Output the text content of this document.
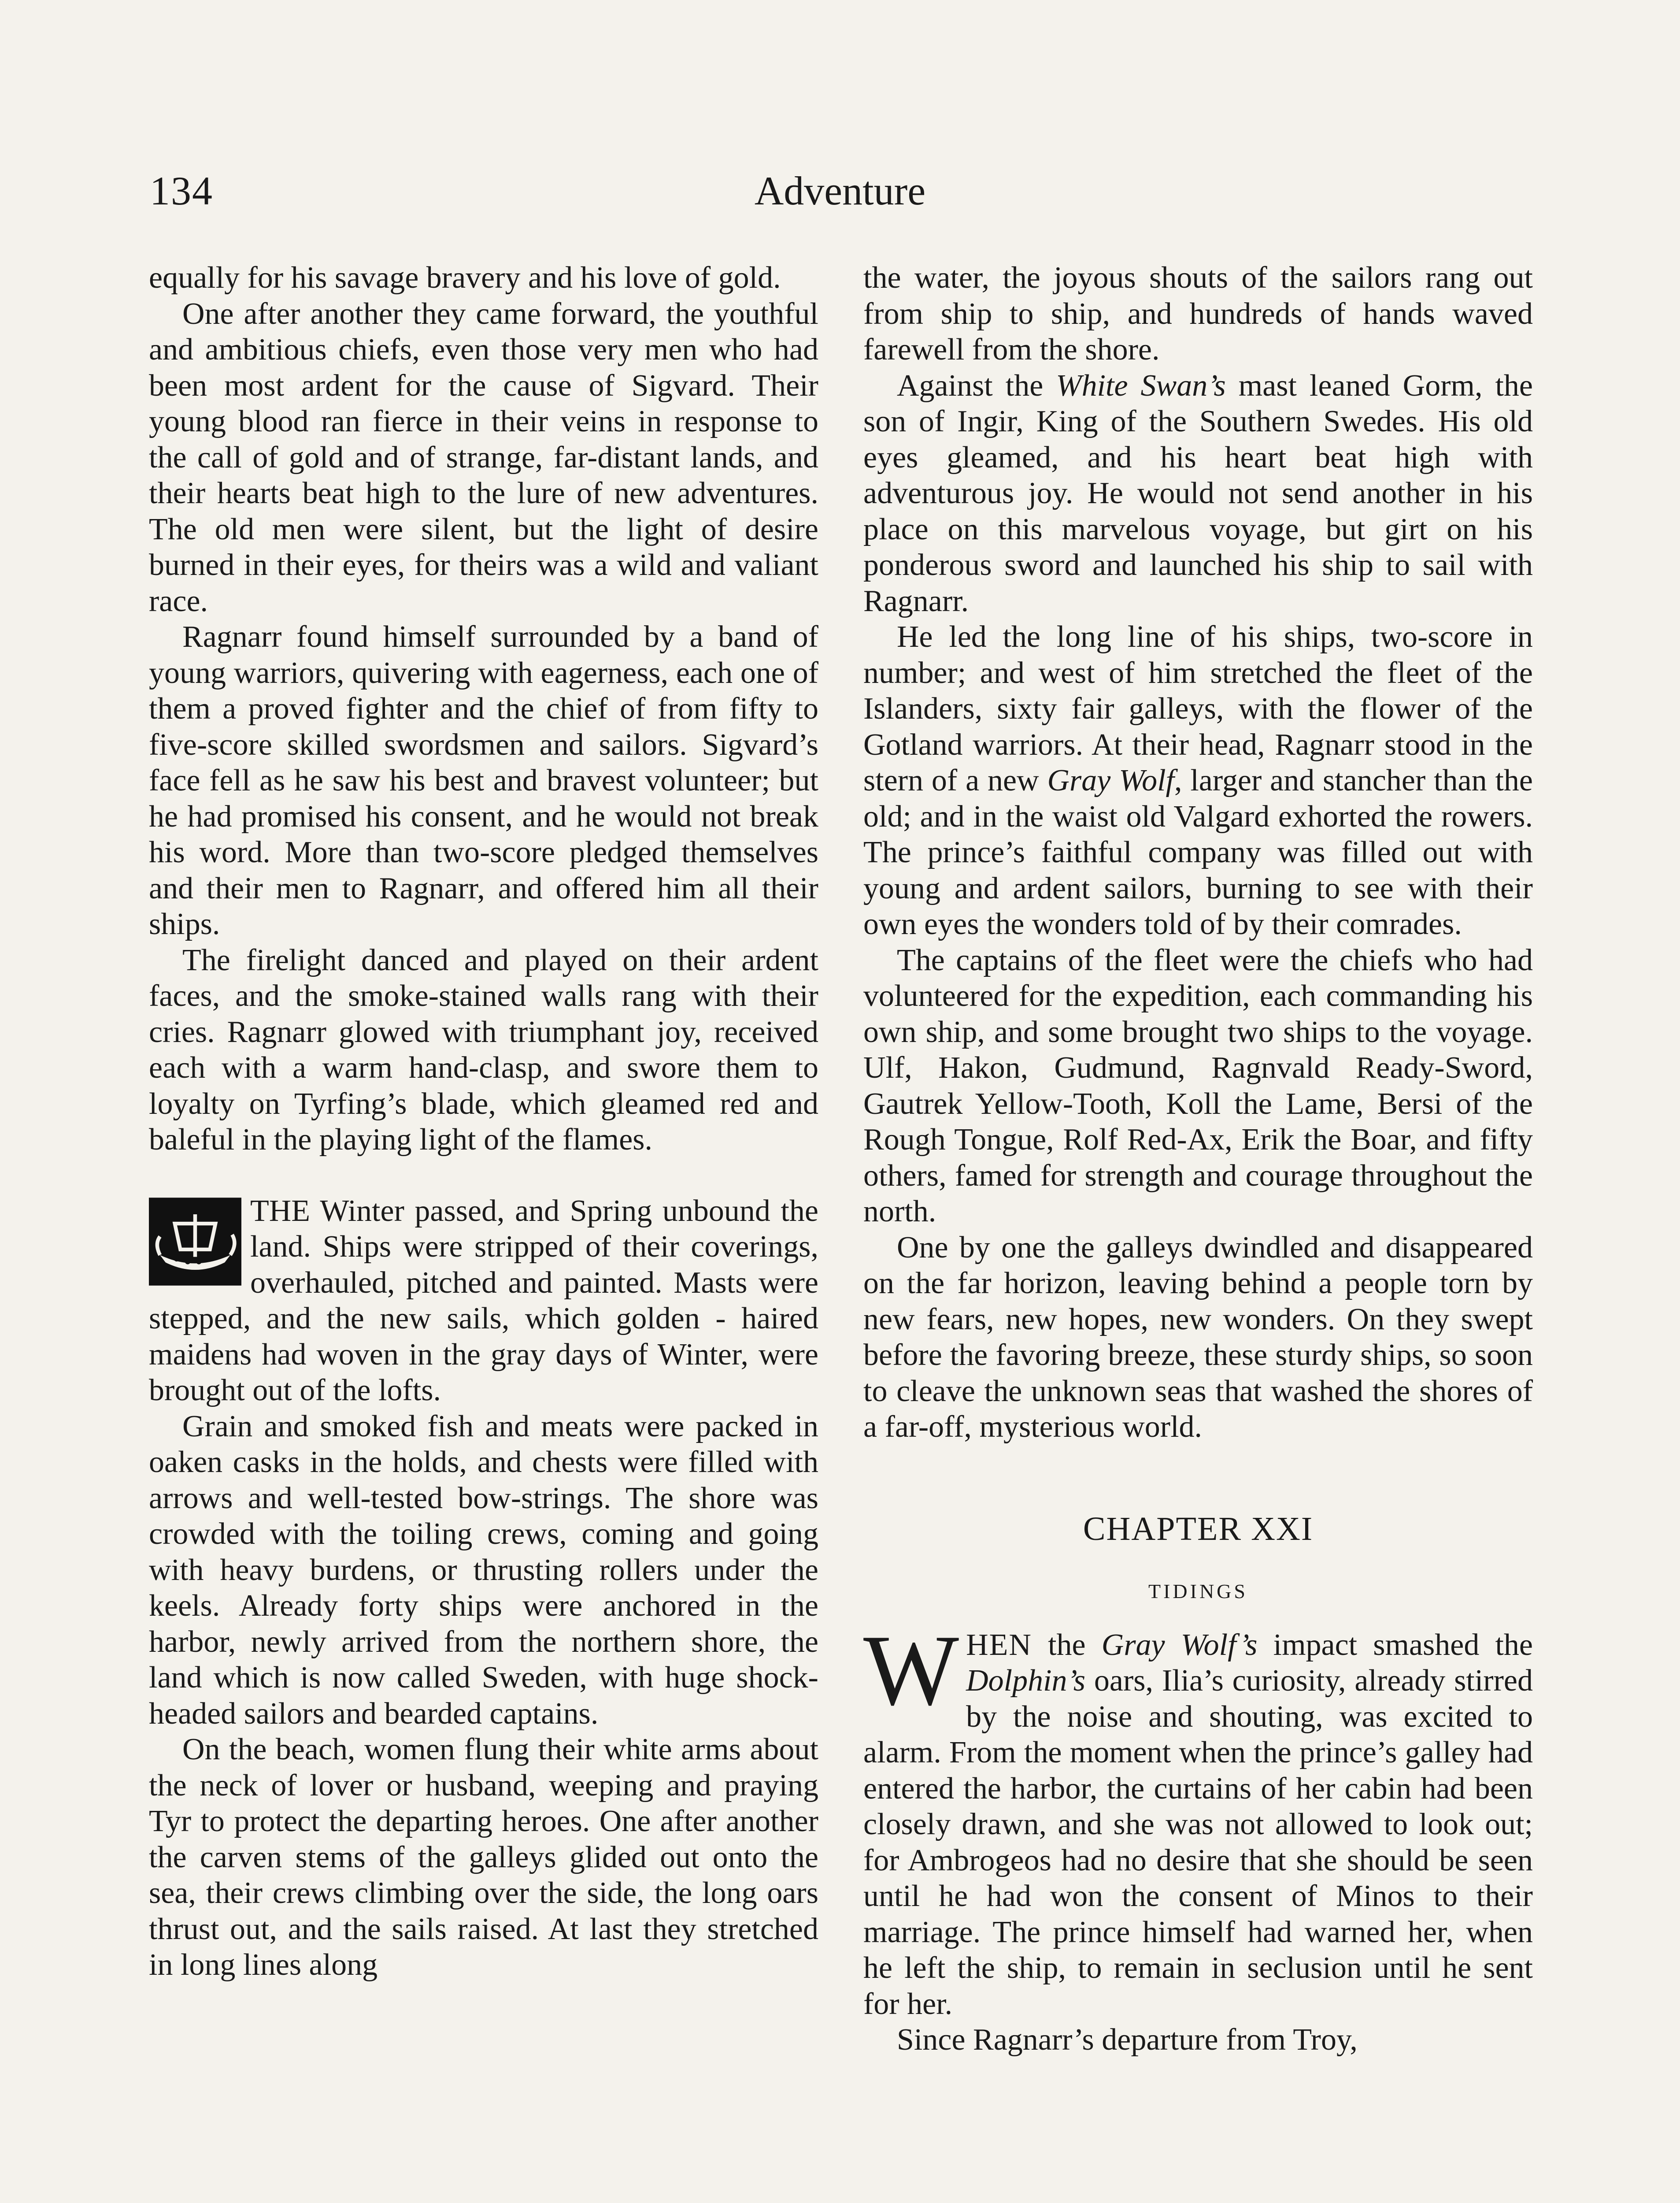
134	Adventure

equally for his savage bravery and his love of gold.

One after another they came forward, the youthful and ambitious chiefs, even those very men who had been most ardent for the cause of Sigvard. Their young blood ran fierce in their veins in response to the call of gold and of strange, far-distant lands, and their hearts beat high to the lure of new adventures. The old men were silent, but the light of desire burned in their eyes, for theirs was a wild and valiant race.

Ragnarr found himself surrounded by a band of young warriors, quivering with eagerness, each one of them a proved fighter and the chief of from fifty to five-score skilled swordsmen and sailors. Sigvard’s face fell as he saw his best and bravest volunteer; but he had promised his consent, and he would not break his word. More than two-score pledged themselves and their men to Ragnarr, and offered him all their ships.

The firelight danced and played on their ardent faces, and the smoke-stained walls rang with their cries. Ragnarr glowed with triumphant joy, received each with a warm hand-clasp, and swore them to loyalty on Tyrfing’s blade, which gleamed red and baleful in the playing light of the flames.

THE Winter passed, and Spring unbound the land. Ships were stripped of their coverings, overhauled, pitched and painted. Masts were stepped, and the new sails, which golden - haired maidens had woven in the gray days of Winter, were brought out of the lofts.

Grain and smoked fish and meats were packed in oaken casks in the holds, and chests were filled with arrows and well-tested bow-strings. The shore was crowded with the toiling crews, coming and going with heavy burdens, or thrusting rollers under the keels. Already forty ships were anchored in the harbor, newly arrived from the northern shore, the land which is now called Sweden, with huge shock-headed sailors and bearded captains.

On the beach, women flung their white arms about the neck of lover or husband, weeping and praying Tyr to protect the departing heroes. One after another the carven stems of the galleys glided out onto the sea, their crews climbing over the side, the long oars thrust out, and the sails raised. At last they stretched in long lines along

the water, the joyous shouts of the sailors rang out from ship to ship, and hundreds of hands waved farewell from the shore.

Against the White Swan’s mast leaned Gorm, the son of Ingir, King of the Southern Swedes. His old eyes gleamed, and his heart beat high with adventurous joy. He would not send another in his place on this marvelous voyage, but girt on his ponderous sword and launched his ship to sail with Ragnarr.

He led the long line of his ships, two-score in number; and west of him stretched the fleet of the Islanders, sixty fair galleys, with the flower of the Gotland warriors. At their head, Ragnarr stood in the stern of a new Gray Wolf, larger and stancher than the old; and in the waist old Valgard exhorted the rowers. The prince’s faithful company was filled out with young and ardent sailors, burning to see with their own eyes the wonders told of by their comrades.

The captains of the fleet were the chiefs who had volunteered for the expedition, each commanding his own ship, and some brought two ships to the voyage. Ulf, Hakon, Gudmund, Ragnvald Ready-Sword, Gautrek Yellow-Tooth, Koll the Lame, Bersi of the Rough Tongue, Rolf Red-Ax, Erik the Boar, and fifty others, famed for strength and courage throughout the north.

One by one the galleys dwindled and disappeared on the far horizon, leaving behind a people torn by new fears, new hopes, new wonders. On they swept before the favoring breeze, these sturdy ships, so soon to cleave the unknown seas that washed the shores of a far-off, mysterious world.

CHAPTER XXI
TIDINGS

WHEN the Gray Wolf’s impact smashed the Dolphin’s oars, Ilia’s curiosity, already stirred by the noise and shouting, was excited to alarm. From the moment when the prince’s galley had entered the harbor, the curtains of her cabin had been closely drawn, and she was not allowed to look out; for Ambrogeos had no desire that she should be seen until he had won the consent of Minos to their marriage. The prince himself had warned her, when he left the ship, to remain in seclusion until he sent for her.

Since Ragnarr’s departure from Troy,
